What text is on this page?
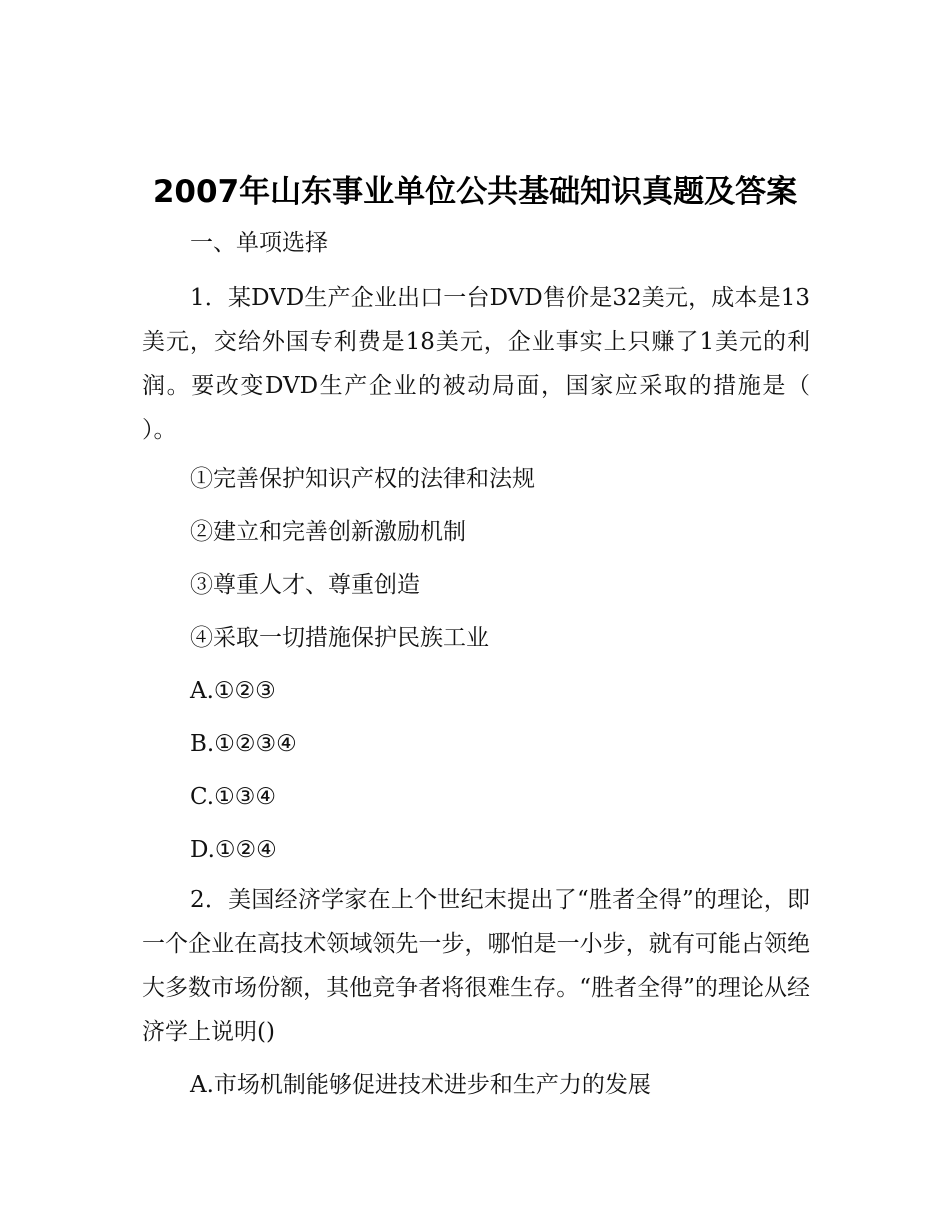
2007年山东事业单位公共基础知识真题及答案
一、单项选择
1．某DVD生产企业出口一台DVD售价是32美元，成本是13美元，交给外国专利费是18美元，企业事实上只赚了1美元的利润。要改变DVD生产企业的被动局面，国家应采取的措施是（ ）。
①完善保护知识产权的法律和法规
②建立和完善创新激励机制
③尊重人才、尊重创造
④采取一切措施保护民族工业
A.①②③
B.①②③④
C.①③④
D.①②④
2．美国经济学家在上个世纪末提出了“胜者全得”的理论，即一个企业在高技术领域领先一步，哪怕是一小步，就有可能占领绝大多数市场份额，其他竞争者将很难生存。“胜者全得”的理论从经济学上说明()
A.市场机制能够促进技术进步和生产力的发展
